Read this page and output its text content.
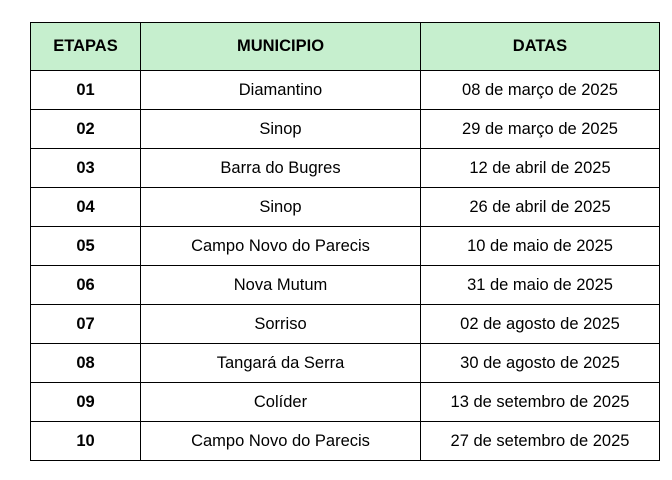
ETAPAS	MUNICIPIO	DATAS
01	Diamantino	08 de março de 2025
02	Sinop	29 de março de 2025
03	Barra do Bugres	12 de abril de 2025
04	Sinop	26 de abril de 2025
05	Campo Novo do Parecis	10 de maio de 2025
06	Nova Mutum	31 de maio de 2025
07	Sorriso	02 de agosto de 2025
08	Tangará da Serra	30 de agosto de 2025
09	Colíder	13 de setembro de 2025
10	Campo Novo do Parecis	27 de setembro de 2025
